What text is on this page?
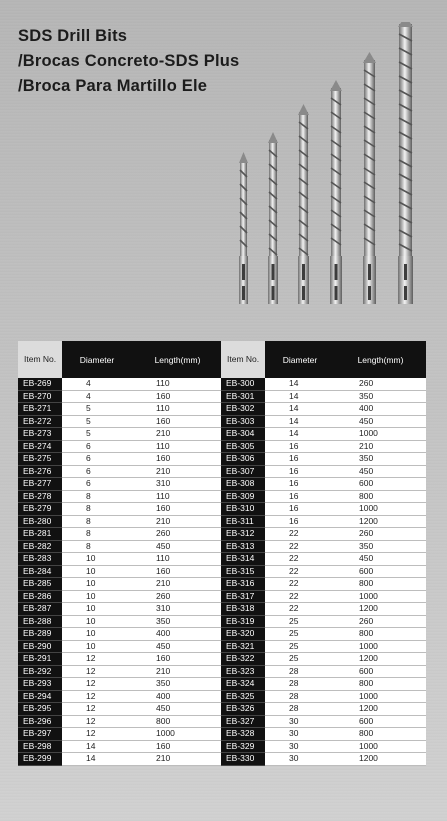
SDS Drill Bits
/Brocas Concreto-SDS Plus
/Broca Para Martillo Ele
Item No.	Diameter	Length(mm)
EB-269	4	110
EB-270	4	160
EB-271	5	110
EB-272	5	160
EB-273	5	210
EB-274	6	110
EB-275	6	160
EB-276	6	210
EB-277	6	310
EB-278	8	110
EB-279	8	160
EB-280	8	210
EB-281	8	260
EB-282	8	450
EB-283	10	110
EB-284	10	160
EB-285	10	210
EB-286	10	260
EB-287	10	310
EB-288	10	350
EB-289	10	400
EB-290	10	450
EB-291	12	160
EB-292	12	210
EB-293	12	350
EB-294	12	400
EB-295	12	450
EB-296	12	800
EB-297	12	1000
EB-298	14	160
EB-299	14	210
Item No.	Diameter	Length(mm)
EB-300	14	260
EB-301	14	350
EB-302	14	400
EB-303	14	450
EB-304	14	1000
EB-305	16	210
EB-306	16	350
EB-307	16	450
EB-308	16	600
EB-309	16	800
EB-310	16	1000
EB-311	16	1200
EB-312	22	260
EB-313	22	350
EB-314	22	450
EB-315	22	600
EB-316	22	800
EB-317	22	1000
EB-318	22	1200
EB-319	25	260
EB-320	25	800
EB-321	25	1000
EB-322	25	1200
EB-323	28	600
EB-324	28	800
EB-325	28	1000
EB-326	28	1200
EB-327	30	600
EB-328	30	800
EB-329	30	1000
EB-330	30	1200
